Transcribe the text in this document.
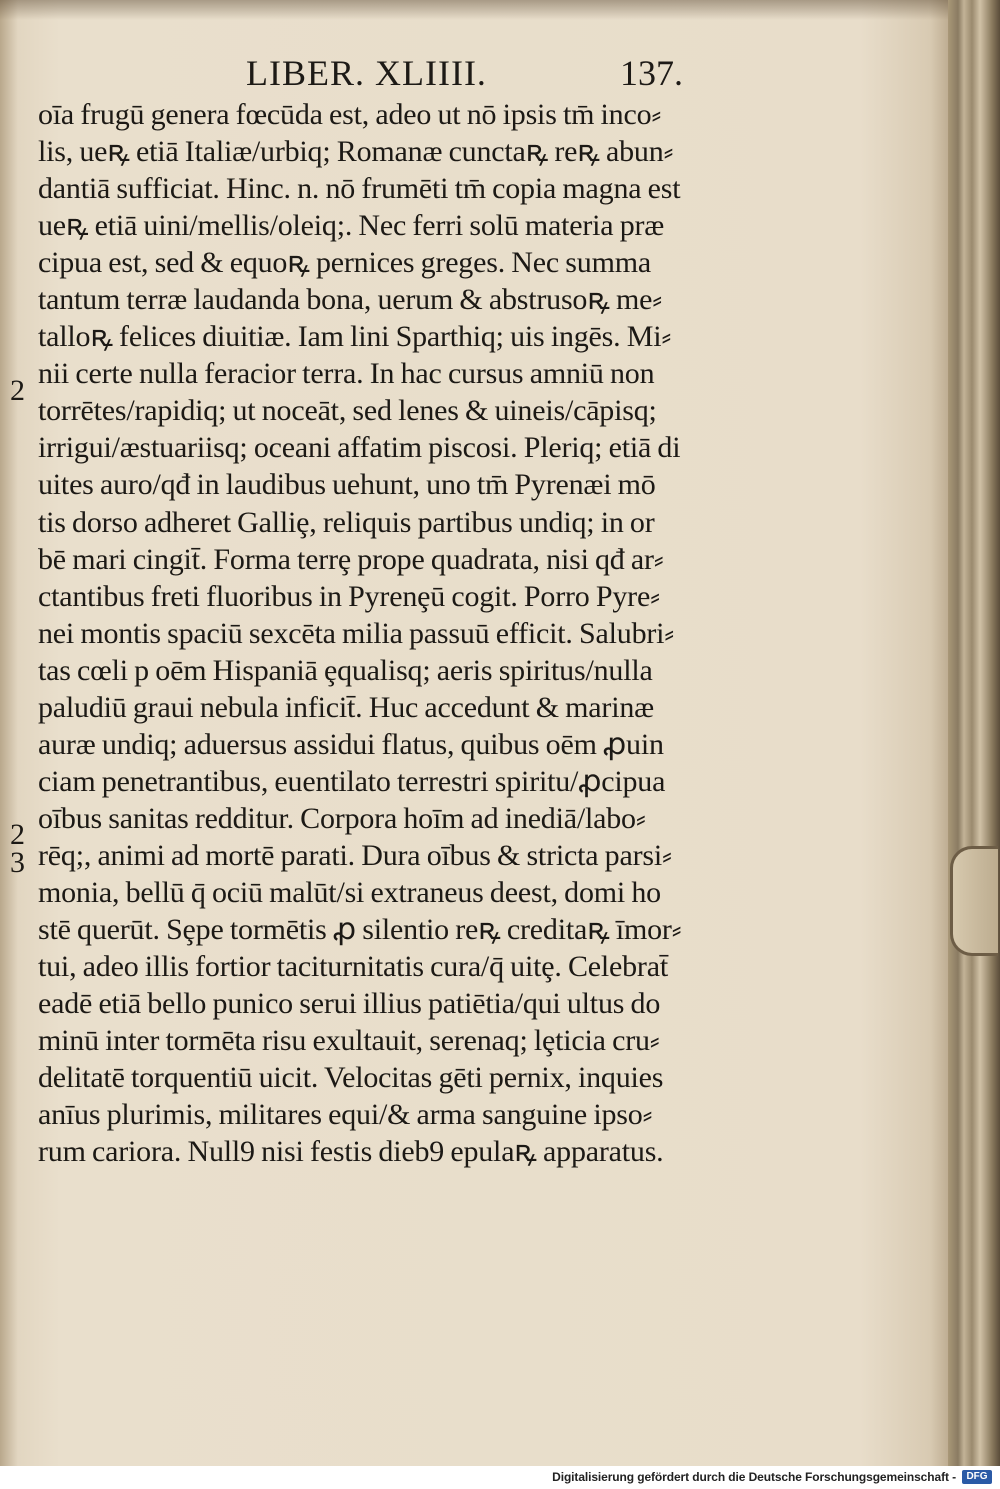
LIBER. XLIIII.	137.
2
2
3
oīa frugū genera fœcūda est, adeo ut nō ipsis tm̄ inco⸗
lis, ueꝶ etiā Italiæ/urbiq; Romanæ cunctaꝶ reꝶ abun⸗
dantiā sufficiat. Hinc. n. nō frumēti tm̄ copia magna est
ueꝶ etiā uini/mellis/oleiq;. Nec ferri solū materia præ
cipua est, sed & equoꝶ pernices greges. Nec summa
tantum terræ laudanda bona, uerum & abstrusoꝶ me⸗
talloꝶ felices diuitiæ. Iam lini Sparthiq; uis ingēs. Mi⸗
nii certe nulla feracior terra. In hac cursus amniū non
torrētes/rapidiq; ut noceāt, sed lenes & uineis/cāpisq;
irrigui/æstuariisq; oceani affatim piscosi. Pleriq; etiā di
uites auro/qđ in laudibus uehunt, uno tm̄ Pyrenæi mō
tis dorso adheret Galliȩ, reliquis partibus undiq; in or
bē mari cingit̄. Forma terrȩ prope quadrata, nisi qđ ar⸗
ctantibus freti fluoribus in Pyrenȩū cogit. Porro Pyre⸗
nei montis spaciū sexcēta milia passuū efficit. Salubri⸗
tas cœli p oēm Hispaniā ȩqualisq; aeris spiritus/nulla
paludiū graui nebula inficit̄. Huc accedunt & marinæ
auræ undiq; aduersus assidui flatus, quibus oēm ꝓuin
ciam penetrantibus, euentilato terrestri spiritu/ꝓcipua
oībus sanitas redditur. Corpora hoīm ad inediā/labo⸗
rēq;, animi ad mortē parati. Dura oībus & stricta parsi⸗
monia, bellū q̄ ociū malūt/si extraneus deest, domi ho
stē querūt. Sȩpe tormētis ꝓ silentio reꝶ creditaꝶ īmor⸗
tui, adeo illis fortior taciturnitatis cura/q̄ uitȩ. Celebrat̄
eadē etiā bello punico serui illius patiētia/qui ultus do
minū inter tormēta risu exultauit, serenaq; lȩticia cru⸗
delitatē torquentiū uicit. Velocitas gēti pernix, inquies
anīus plurimis, militares equi/& arma sanguine ipso⸗
rum cariora. Null9 nisi festis dieb9 epulaꝶ apparatus.
Digitalisierung gefördert durch die Deutsche Forschungsgemeinschaft -	DFG
